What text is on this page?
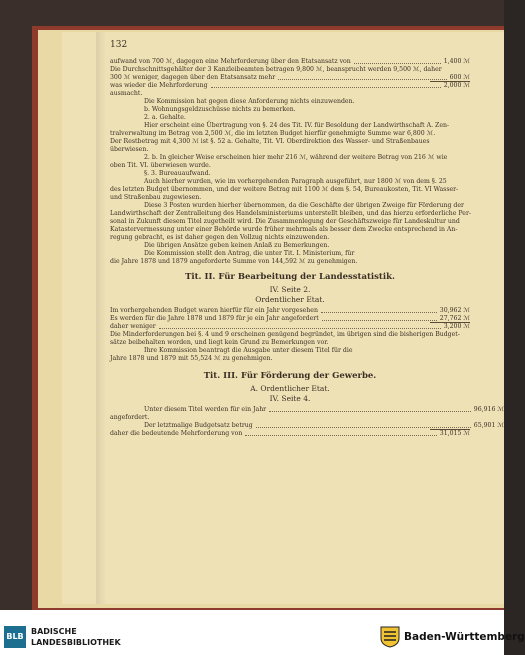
132
aufwand von 700 ℳ, dagegen eine Mehrforderung über den Etatsansatz von	1,400 ℳ
Die Durchschnittsgehälter der 3 Kanzleibeamten betragen 9,800 ℳ, beansprucht werden 9,500 ℳ, daher
300 ℳ weniger, dagegen über den Etatsansatz mehr	600 ℳ
was wieder die Mehrforderung	2,000 ℳ
ausmacht.
Die Kommission hat gegen diese Anforderung nichts einzuwenden.
b. Wohnungsgeldzuschüsse nichts zu bemerken.
2. a. Gehalte.
Hier erscheint eine Übertragung von §. 24 des Tit. IV. für Besoldung der Landwirthschaft A. Zen-
tralverwaltung im Betrag von 2,500 ℳ, die im letzten Budget hierfür genehmigte Summe war 6,800 ℳ.
Der Restbetrag mit 4,300 ℳ ist §. 52 a. Gehalte, Tit. VI. Oberdirektion des Wasser- und Straßenbaues
überwiesen.
2. b. In gleicher Weise erscheinen hier mehr 216 ℳ, während der weitere Betrag von 216 ℳ wie
oben Tit. VI. überwiesen wurde.
§. 3. Bureauaufwand.
Auch hierher wurden, wie im vorhergehenden Paragraph ausgeführt, nur 1800 ℳ von dem §. 25
des letzten Budget übernommen, und der weitere Betrag mit 1100 ℳ dem §. 54, Bureaukosten, Tit. VI Wasser-
und Straßenbau zugewiesen.
Diese 3 Posten wurden hierher übernommen, da die Geschäfte der übrigen Zweige für Förderung der
Landwirthschaft der Zentralleitung des Handelsministeriums unterstellt bleiben, und das hierzu erforderliche Per-
sonal in Zukunft diesem Titel zugetheilt wird. Die Zusammenlegung der Geschäftszweige für Landeskultur und
Katastervermessung unter einer Behörde wurde früher mehrmals als besser dem Zwecke entsprechend in An-
regung gebracht, es ist daher gegen den Vollzug nichts einzuwenden.
Die übrigen Ansätze geben keinen Anlaß zu Bemerkungen.
Die Kommission stellt den Antrag, die unter Tit. I. Ministerium, für
die Jahre 1878 und 1879 angeforderte Summe von 144,592 ℳ zu genehmigen.
Tit. II. Für Bearbeitung der Landesstatistik.
IV. Seite 2.
Ordentlicher Etat.
Im vorhergehenden Budget waren hierfür für ein Jahr vorgesehen	30,962 ℳ
Es werden für die Jahre 1878 und 1879 für je ein Jahr angefordert	27,762 ℳ
daher weniger	3,200 ℳ
Die Minderforderungen bei §. 4 und 9 erscheinen genügend begründet, im übrigen sind die bisherigen Budget-
sätze beibehalten worden, und liegt kein Grund zu Bemerkungen vor.
Ihre Kommission beantragt die Ausgabe unter diesem Titel für die
Jahre 1878 und 1879 mit 55,524 ℳ zu genehmigen.
Tit. III. Für Förderung der Gewerbe.
A. Ordentlicher Etat.
IV. Seite 4.
Unter diesem Titel werden für ein Jahr	96,916 ℳ
angefordert.
Der letztmalige Budgetsatz betrug	65,901 ℳ
daher die bedeutende Mehrforderung von	31,015 ℳ
BLB
BADISCHE
LANDESBIBLIOTHEK	Baden-Württemberg
